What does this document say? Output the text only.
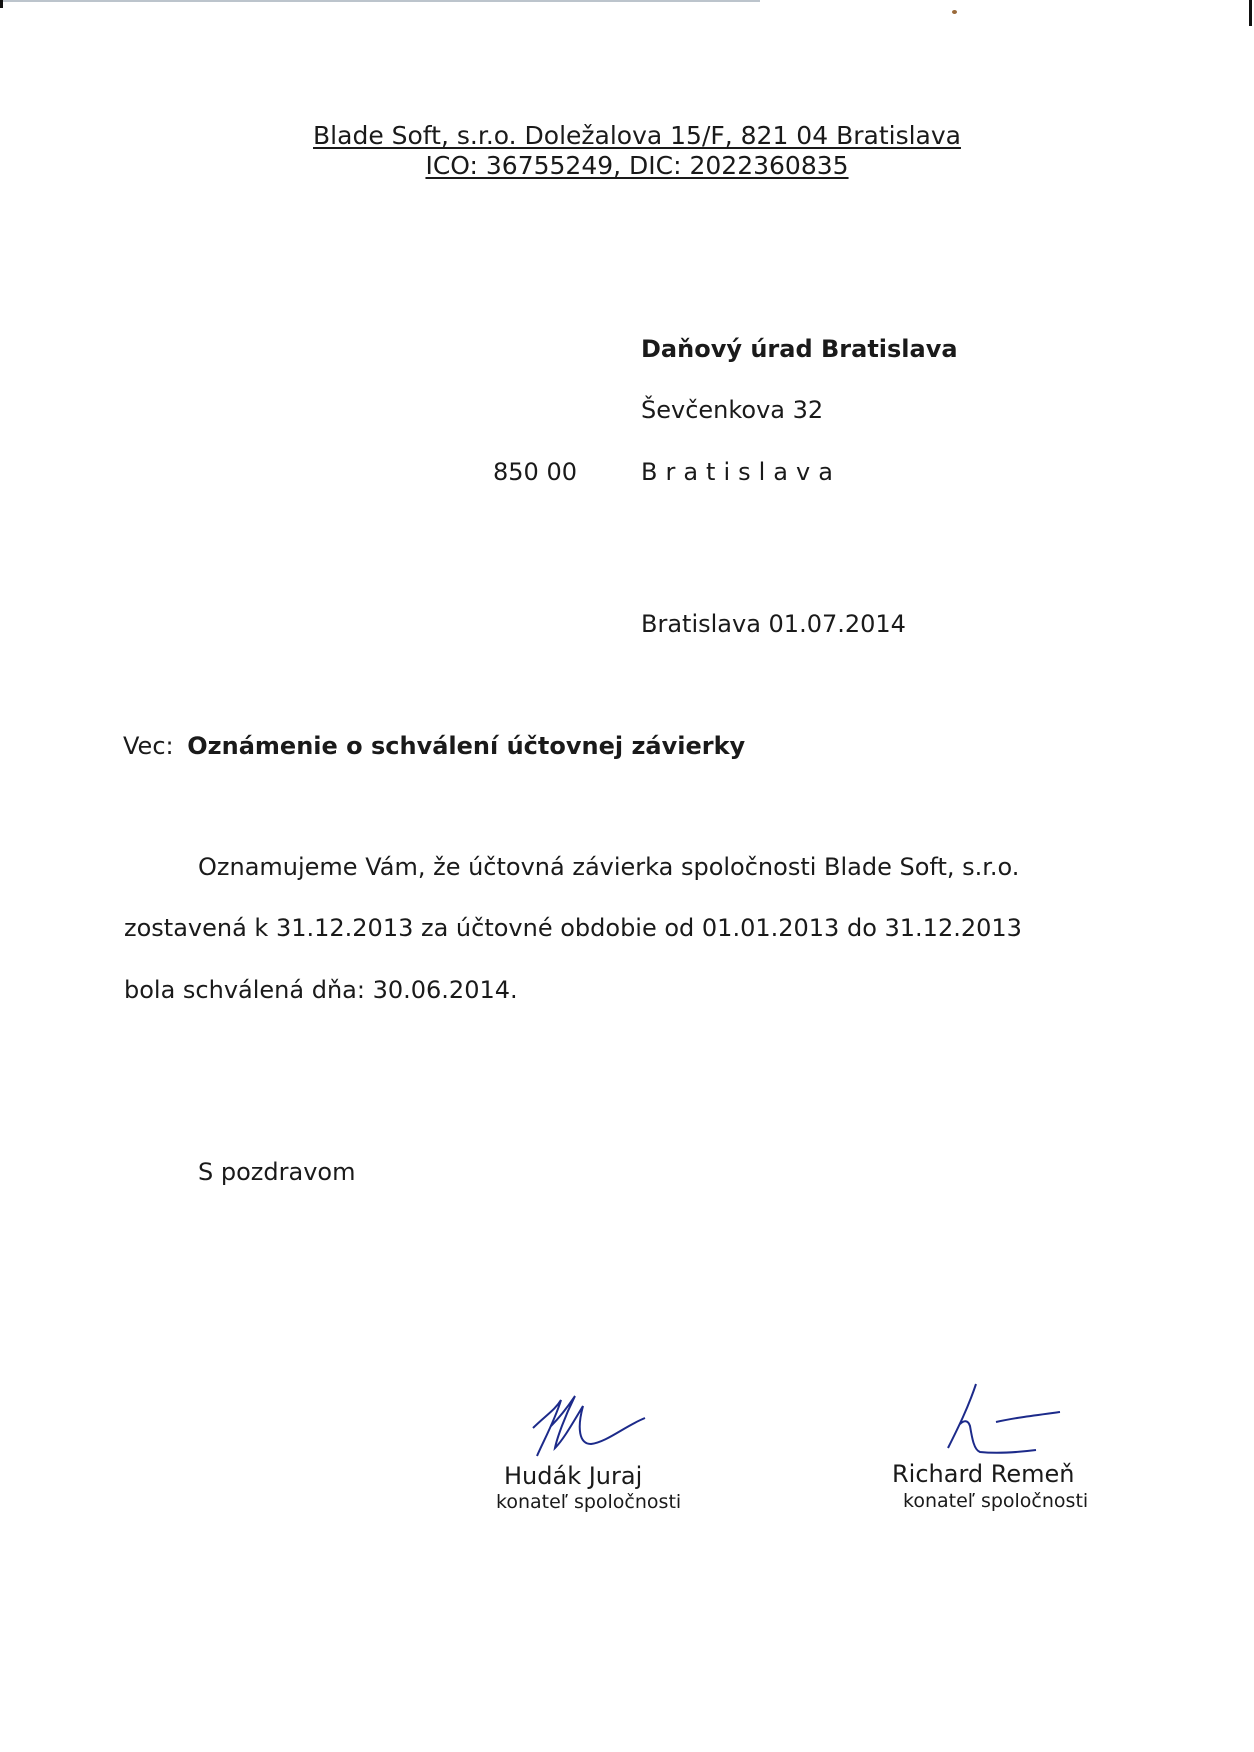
Blade Soft, s.r.o. Doležalova 15/F, 821 04 Bratislava
ICO: 36755249, DIC: 2022360835
Daňový úrad Bratislava
Ševčenkova 32
850 00	Bratislava
Bratislava 01.07.2014
Vec: Oznámenie o schválení účtovnej závierky
Oznamujeme Vám, že účtovná závierka spoločnosti Blade Soft, s.r.o.
zostavená k 31.12.2013 za účtovné obdobie od 01.01.2013 do 31.12.2013
bola schválená dňa: 30.06.2014.
S pozdravom
Hudák Juraj
konateľ spoločnosti
Richard Remeň
konateľ spoločnosti
